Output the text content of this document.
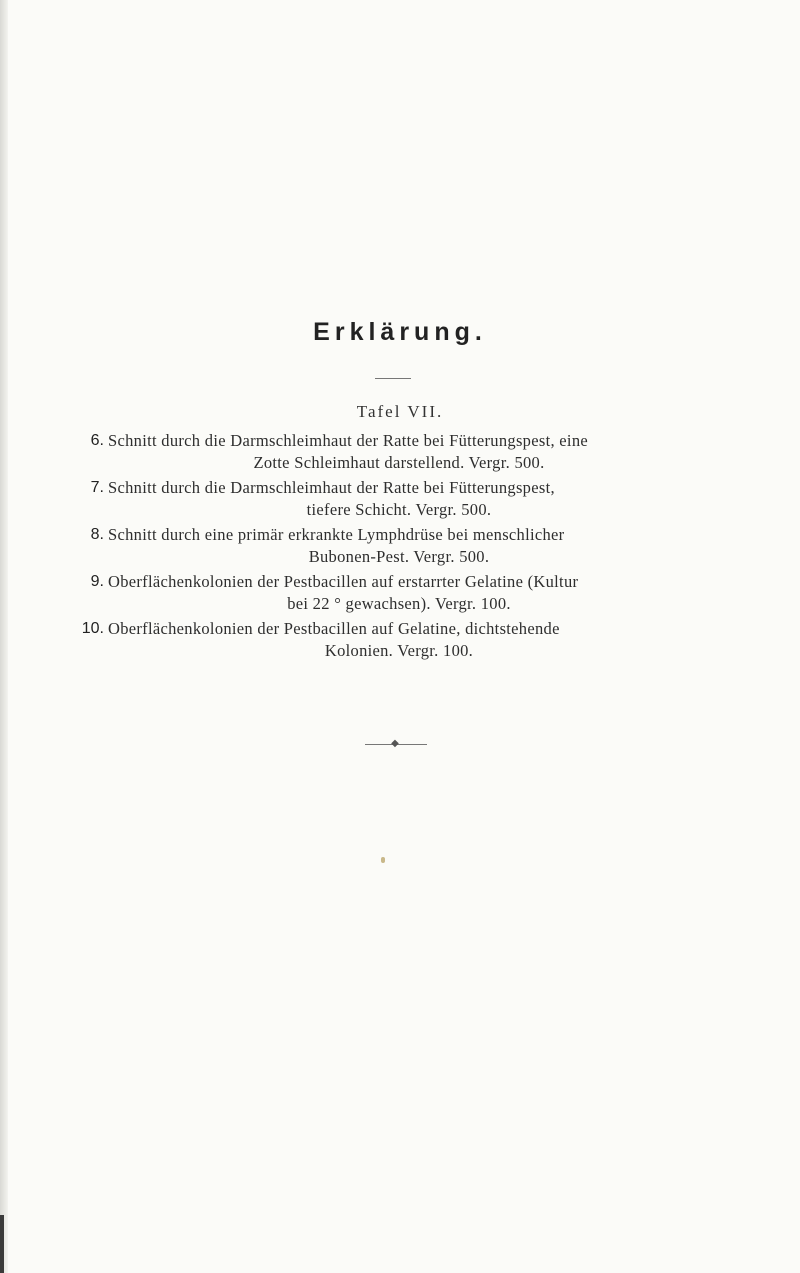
Erklärung.
Tafel VII.
6. Schnitt durch die Darmschleimhaut der Ratte bei Fütterungspest, eine
Zotte Schleimhaut darstellend. Vergr. 500.
7. Schnitt durch die Darmschleimhaut der Ratte bei Fütterungspest,
tiefere Schicht. Vergr. 500.
8. Schnitt durch eine primär erkrankte Lymphdrüse bei menschlicher
Bubonen-Pest. Vergr. 500.
9. Oberflächenkolonien der Pestbacillen auf erstarrter Gelatine (Kultur
bei 22 ° gewachsen). Vergr. 100.
10. Oberflächenkolonien der Pestbacillen auf Gelatine, dichtstehende
Kolonien. Vergr. 100.
◆
